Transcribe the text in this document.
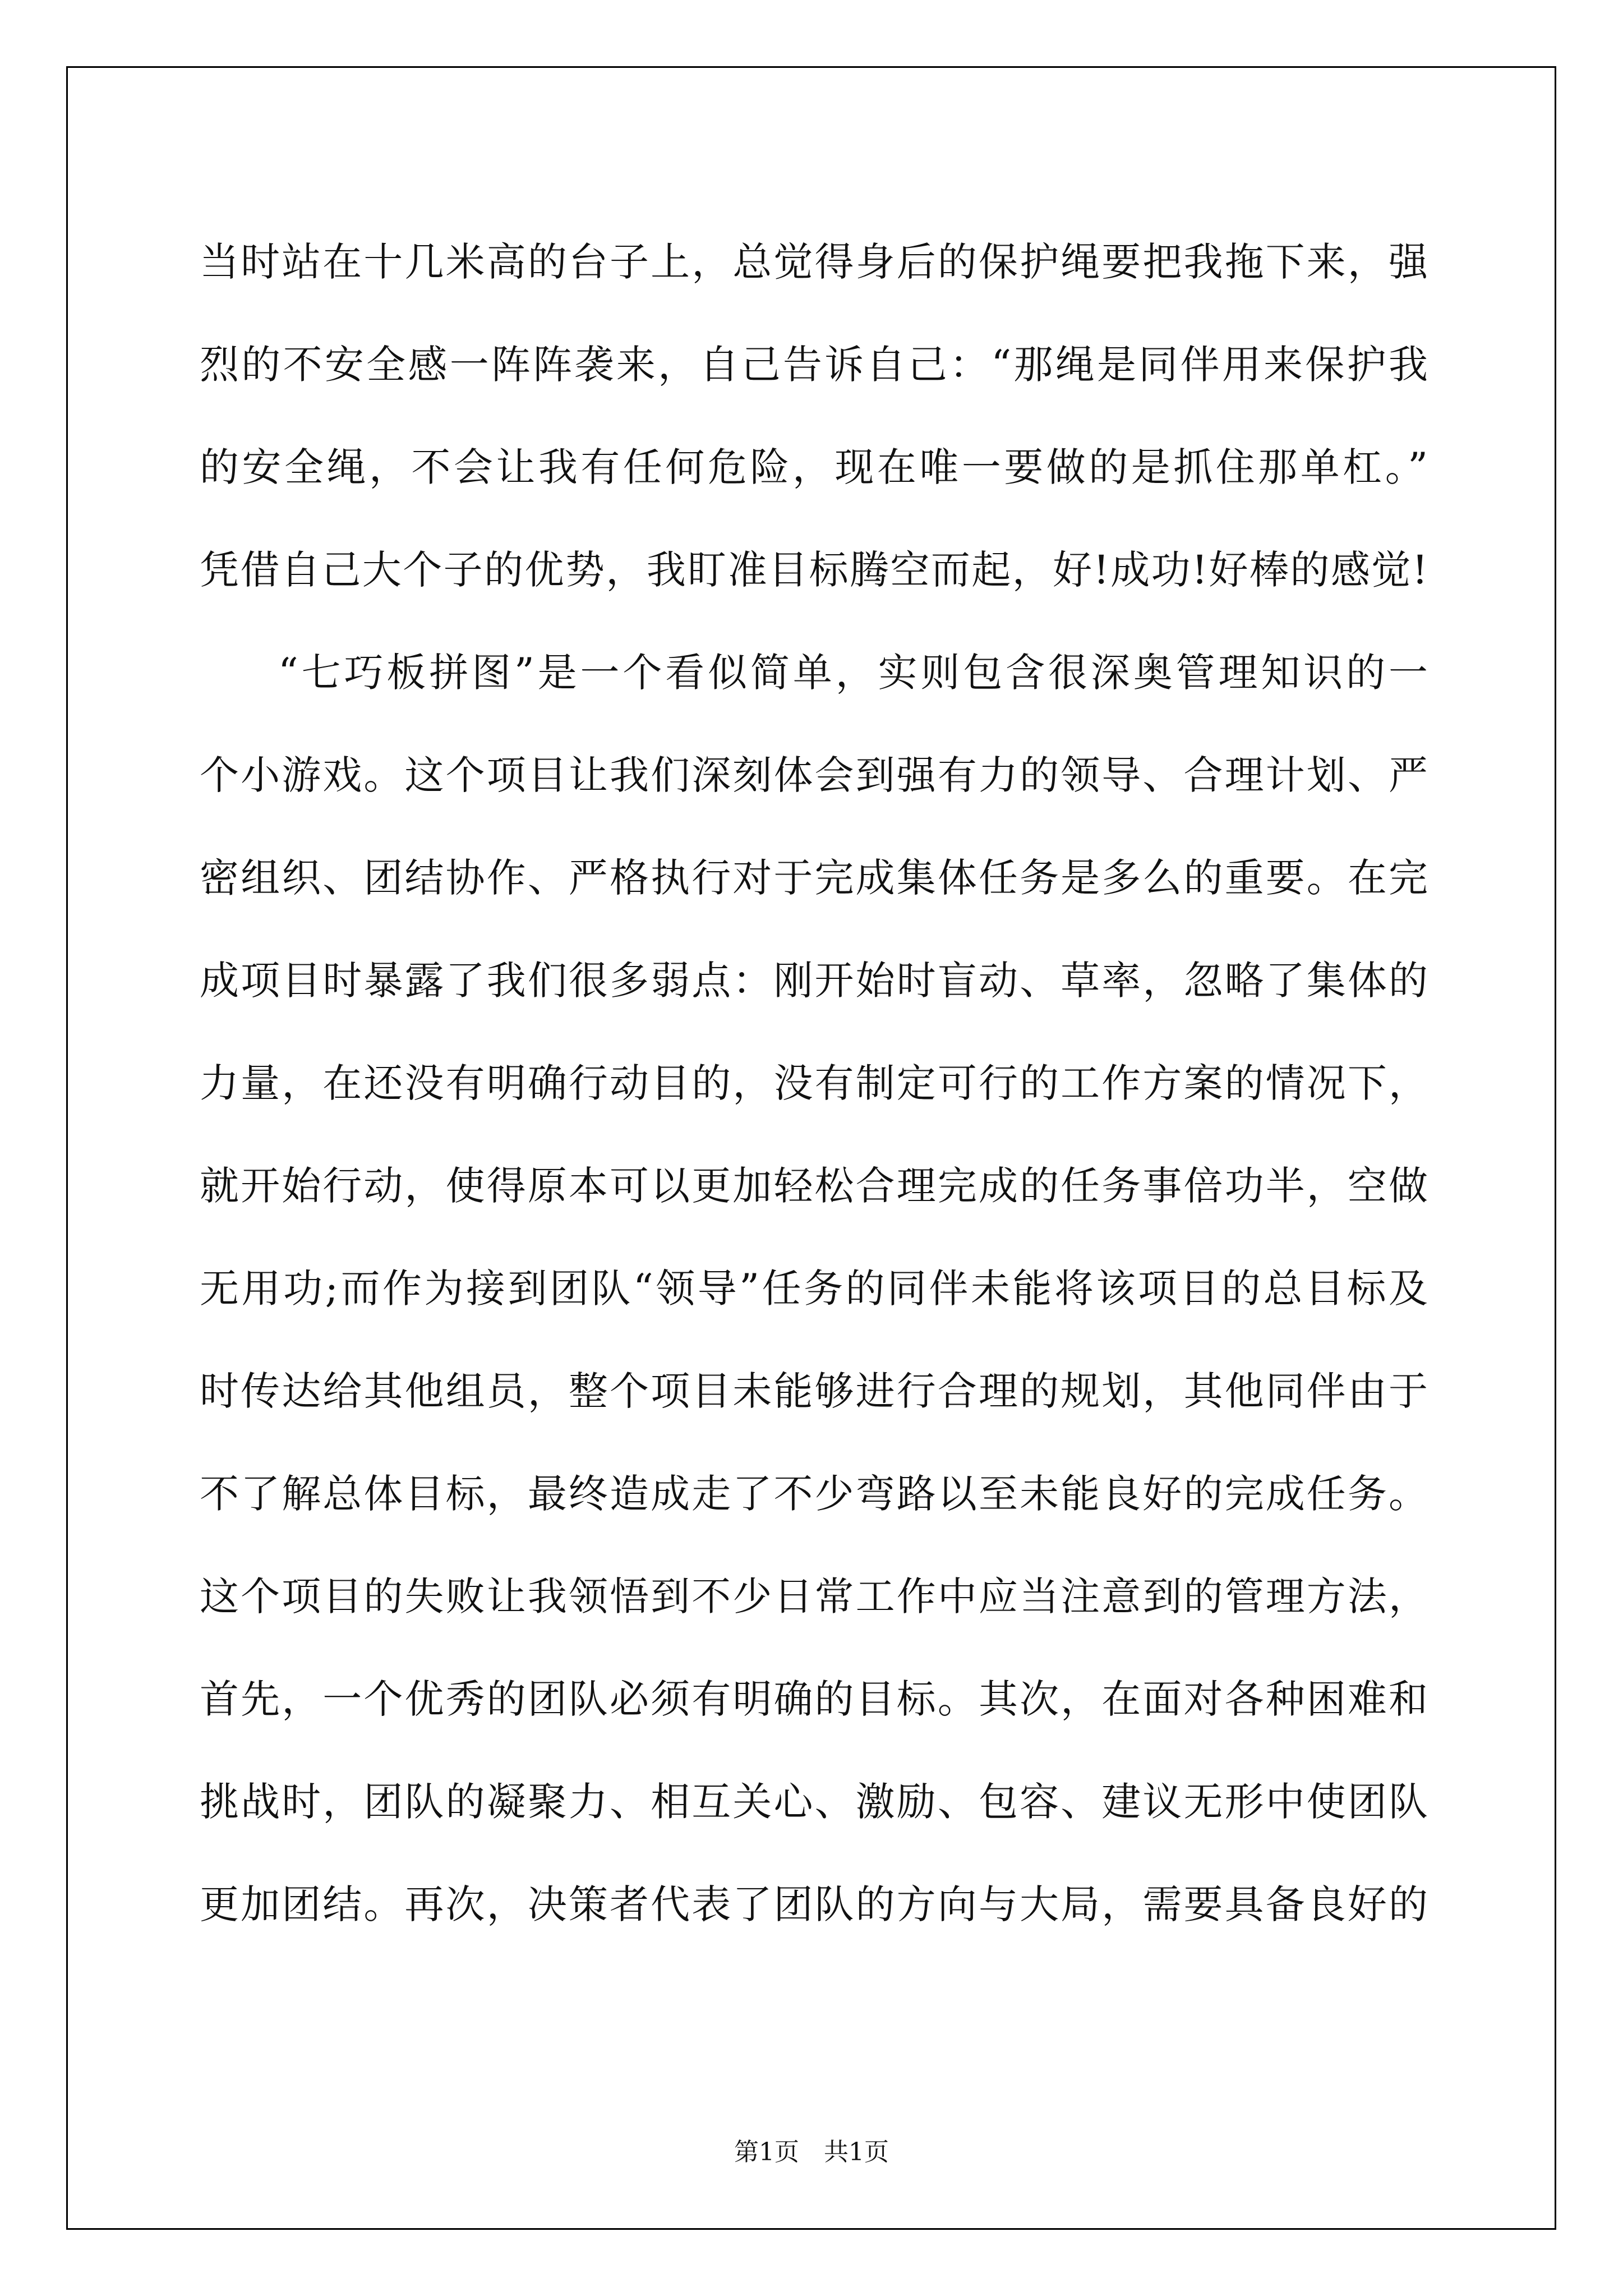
当时站在十几米高的台子上，总觉得身后的保护绳要把我拖下来，强
烈的不安全感一阵阵袭来，自己告诉自己：“那绳是同伴用来保护我
的安全绳，不会让我有任何危险，现在唯一要做的是抓住那单杠。”
凭借自己大个子的优势，我盯准目标腾空而起，好!成功!好棒的感觉!
“七巧板拼图”是一个看似简单，实则包含很深奥管理知识的一
个小游戏。这个项目让我们深刻体会到强有力的领导、合理计划、严
密组织、团结协作、严格执行对于完成集体任务是多么的重要。在完
成项目时暴露了我们很多弱点：刚开始时盲动、草率，忽略了集体的
力量，在还没有明确行动目的，没有制定可行的工作方案的情况下，
就开始行动，使得原本可以更加轻松合理完成的任务事倍功半，空做
无用功;而作为接到团队“领导”任务的同伴未能将该项目的总目标及
时传达给其他组员，整个项目未能够进行合理的规划，其他同伴由于
不了解总体目标，最终造成走了不少弯路以至未能良好的完成任务。
这个项目的失败让我领悟到不少日常工作中应当注意到的管理方法，
首先，一个优秀的团队必须有明确的目标。其次，在面对各种困难和
挑战时，团队的凝聚力、相互关心、激励、包容、建议无形中使团队
更加团结。再次，决策者代表了团队的方向与大局，需要具备良好的
第1页　共1页
